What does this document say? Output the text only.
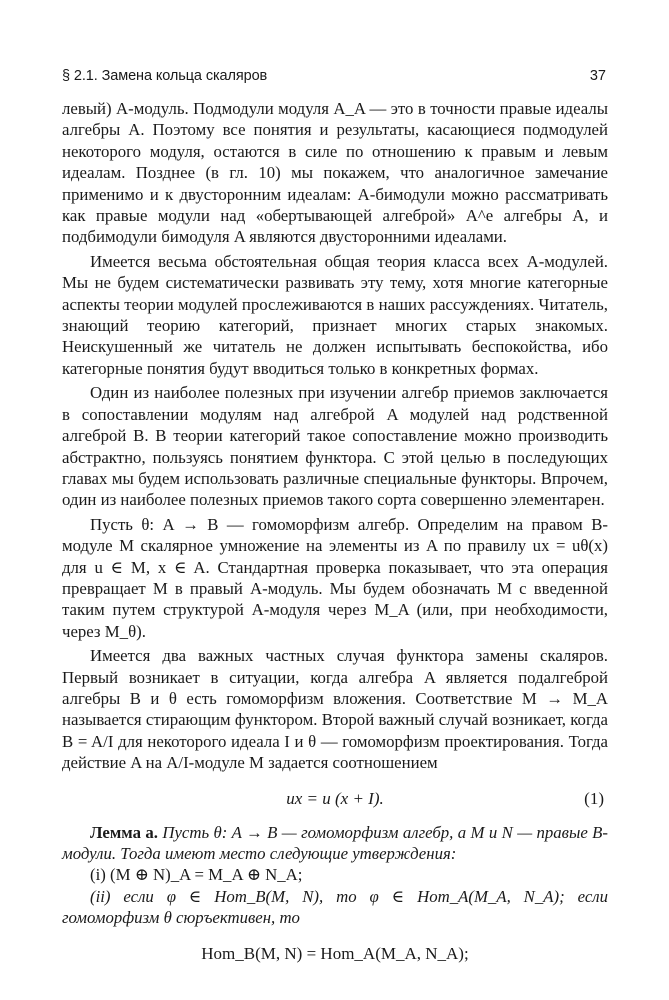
§ 2.1. Замена кольца скаляров	37

левый) A-модуль. Подмодули модуля A_A — это в точности правые идеалы алгебры A. Поэтому все понятия и результаты, касающиеся подмодулей некоторого модуля, остаются в силе по отношению к правым и левым идеалам. Позднее (в гл. 10) мы покажем, что аналогичное замечание применимо и к двусторонним идеалам: A-бимодули можно рассматривать как правые модули над «обертывающей алгеброй» A^e алгебры A, и подбимодули бимодуля A являются двусторонними идеалами.

Имеется весьма обстоятельная общая теория класса всех A-модулей. Мы не будем систематически развивать эту тему, хотя многие категорные аспекты теории модулей прослеживаются в наших рассуждениях. Читатель, знающий теорию категорий, признает многих старых знакомых. Неискушенный же читатель не должен испытывать беспокойства, ибо категорные понятия будут вводиться только в конкретных формах.

Один из наиболее полезных при изучении алгебр приемов заключается в сопоставлении модулям над алгеброй A модулей над родственной алгеброй B. В теории категорий такое сопоставление можно производить абстрактно, пользуясь понятием функтора. С этой целью в последующих главах мы будем использовать различные специальные функторы. Впрочем, один из наиболее полезных приемов такого сорта совершенно элементарен.

Пусть θ: A → B — гомоморфизм алгебр. Определим на правом B-модуле M скалярное умножение на элементы из A по правилу ux = uθ(x) для u ∈ M, x ∈ A. Стандартная проверка показывает, что эта операция превращает M в правый A-модуль. Мы будем обозначать M с введенной таким путем структурой A-модуля через M_A (или, при необходимости, через M_θ).

Имеется два важных частных случая функтора замены скаляров. Первый возникает в ситуации, когда алгебра A является подалгеброй алгебры B и θ есть гомоморфизм вложения. Соответствие M → M_A называется стирающим функтором. Второй важный случай возникает, когда B = A/I для некоторого идеала I и θ — гомоморфизм проектирования. Тогда действие A на A/I-модуле M задается соотношением

ux = u (x + I).	(1)

Лемма а. Пусть θ: A → B — гомоморфизм алгебр, а M и N — правые B-модули. Тогда имеют место следующие утверждения:

(i) (M ⊕ N)_A = M_A ⊕ N_A;

(ii) если φ ∈ Hom_B(M, N), то φ ∈ Hom_A(M_A, N_A); если гомоморфизм θ сюръективен, то

Hom_B(M, N) = Hom_A(M_A, N_A);
